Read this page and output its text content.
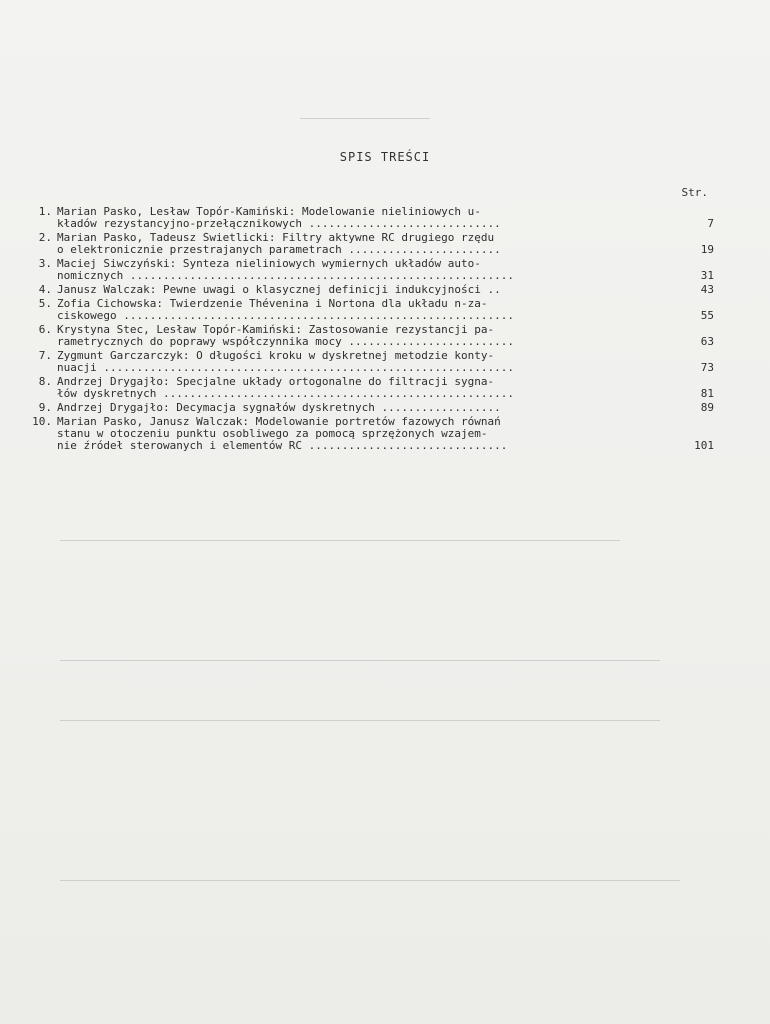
SPIS TREŚCI
Str.
1. Marian Pasko, Lesław Topór-Kamiński: Modelowanie nieliniowych u-
kładów rezystancyjno-przełącznikowych .............................	7
2. Marian Pasko, Tadeusz Świetlicki: Filtry aktywne RC drugiego rzędu
o elektronicznie przestrajanych parametrach .......................	19
3. Maciej Siwczyński: Synteza nieliniowych wymiernych układów auto-
nomicznych ..........................................................	31
4. Janusz Walczak: Pewne uwagi o klasycznej definicji indukcyjności ..	43
5. Zofia Cichowska: Twierdzenie Thévenina i Nortona dla układu n-za-
ciskowego ...........................................................	55
6. Krystyna Stec, Lesław Topór-Kamiński: Zastosowanie rezystancji pa-
rametrycznych do poprawy współczynnika mocy .........................	63
7. Zygmunt Garczarczyk: O długości kroku w dyskretnej metodzie konty-
nuacji ..............................................................	73
8. Andrzej Drygajło: Specjalne układy ortogonalne do filtracji sygna-
łów dyskretnych .....................................................	81
9. Andrzej Drygajło: Decymacja sygnałów dyskretnych ..................	89
10. Marian Pasko, Janusz Walczak: Modelowanie portretów fazowych równań
stanu w otoczeniu punktu osobliwego za pomocą sprzężonych wzajem-
nie źródeł sterowanych i elementów RC ..............................	101
